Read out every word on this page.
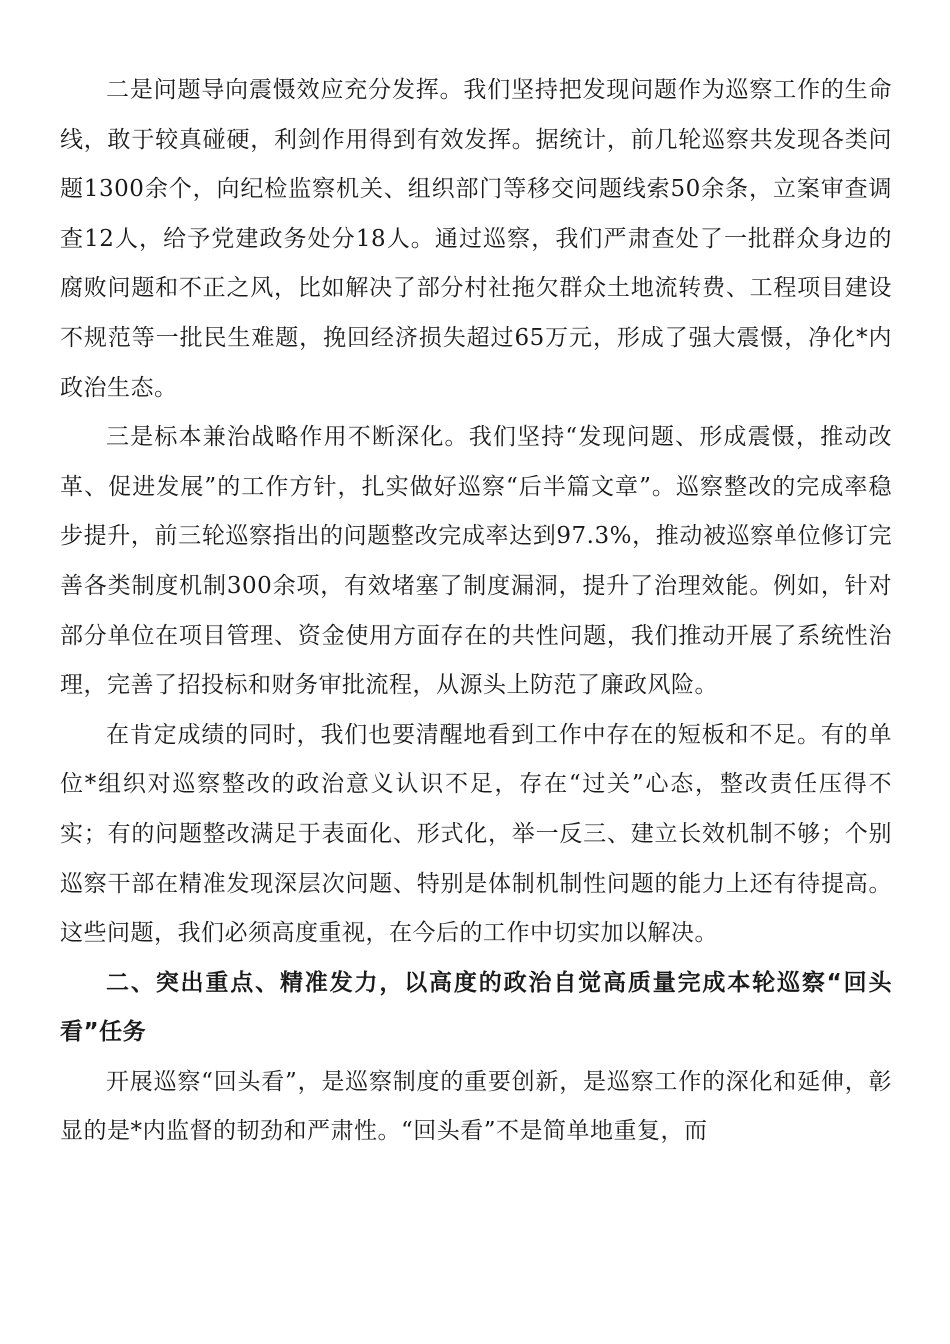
二是问题导向震慑效应充分发挥。我们坚持把发现问题作为巡察工作的生命线，敢于较真碰硬，利剑作用得到有效发挥。据统计，前几轮巡察共发现各类问题1300余个，向纪检监察机关、组织部门等移交问题线索50余条，立案审查调查12人，给予党建政务处分18人。通过巡察，我们严肃查处了一批群众身边的腐败问题和不正之风，比如解决了部分村社拖欠群众土地流转费、工程项目建设不规范等一批民生难题，挽回经济损失超过65万元，形成了强大震慑，净化*内政治生态。

三是标本兼治战略作用不断深化。我们坚持“发现问题、形成震慑，推动改革、促进发展”的工作方针，扎实做好巡察“后半篇文章”。巡察整改的完成率稳步提升，前三轮巡察指出的问题整改完成率达到97.3%，推动被巡察单位修订完善各类制度机制300余项，有效堵塞了制度漏洞，提升了治理效能。例如，针对部分单位在项目管理、资金使用方面存在的共性问题，我们推动开展了系统性治理，完善了招投标和财务审批流程，从源头上防范了廉政风险。

在肯定成绩的同时，我们也要清醒地看到工作中存在的短板和不足。有的单位*组织对巡察整改的政治意义认识不足，存在“过关”心态，整改责任压得不实；有的问题整改满足于表面化、形式化，举一反三、建立长效机制不够；个别巡察干部在精准发现深层次问题、特别是体制机制性问题的能力上还有待提高。这些问题，我们必须高度重视，在今后的工作中切实加以解决。

二、突出重点、精准发力，以高度的政治自觉高质量完成本轮巡察“回头看”任务

开展巡察“回头看”，是巡察制度的重要创新，是巡察工作的深化和延伸，彰显的是*内监督的韧劲和严肃性。“回头看”不是简单地重复，而
